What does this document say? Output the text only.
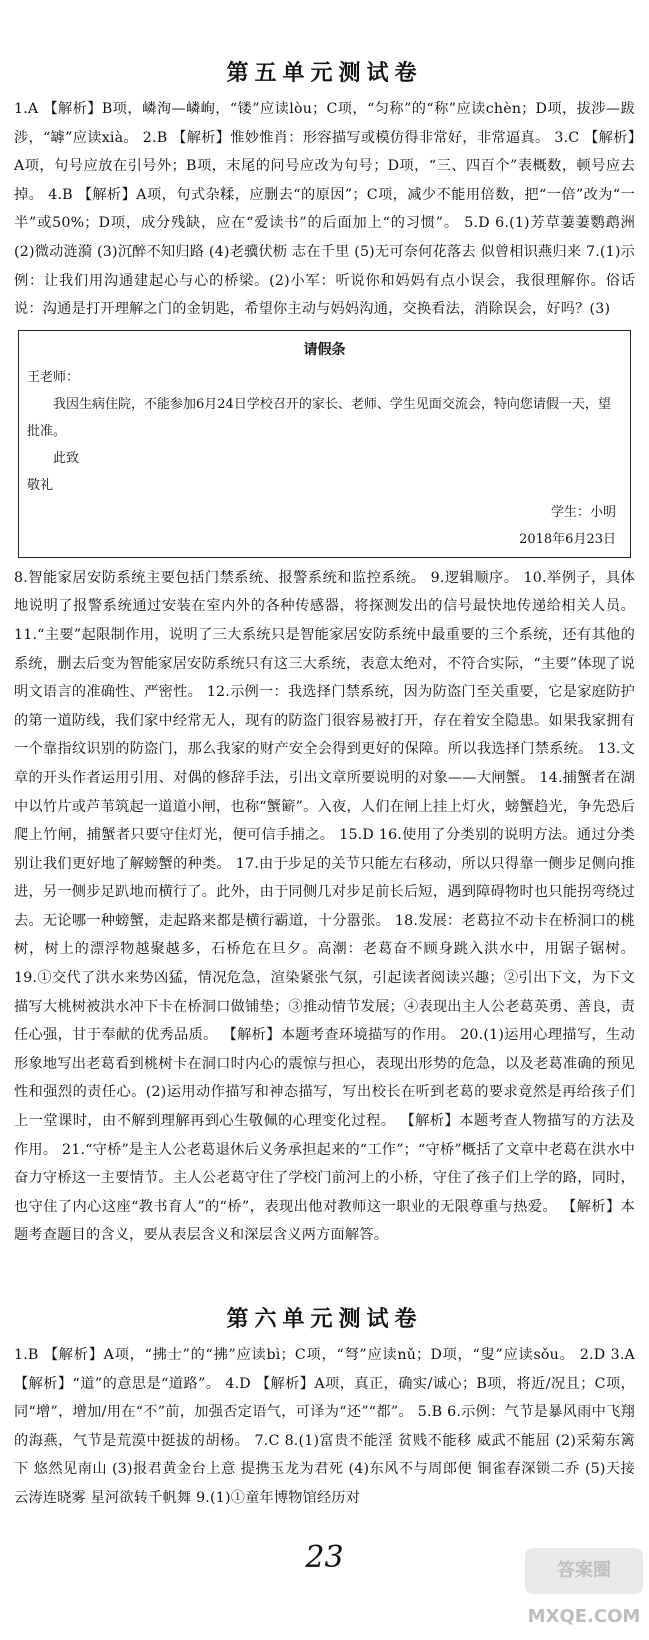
第五单元测试卷

1.A 【解析】B项，嶙洵—嶙峋，“镂”应读lòu；C项，“匀称”的“称”应读chèn；D项，拔涉—跋涉，“罅”应读xià。 2.B 【解析】惟妙惟肖：形容描写或模仿得非常好，非常逼真。 3.C 【解析】A项，句号应放在引号外；B项，末尾的问号应改为句号；D项，“三、四百个”表概数，顿号应去掉。 4.B 【解析】A项，句式杂糅，应删去“的原因”；C项，减少不能用倍数，把“一倍”改为“一半”或50%；D项，成分残缺，应在“爱读书”的后面加上“的习惯”。 5.D 6.(1)芳草萋萋鹦鹉洲 (2)微动涟漪 (3)沉醉不知归路 (4)老骥伏枥 志在千里 (5)无可奈何花落去 似曾相识燕归来 7.(1)示例：让我们用沟通建起心与心的桥梁。(2)小军：听说你和妈妈有点小误会，我很理解你。俗话说：沟通是打开理解之门的金钥匙，希望你主动与妈妈沟通，交换看法，消除误会，好吗？(3)

请假条
王老师：
我因生病住院，不能参加6月24日学校召开的家长、老师、学生见面交流会，特向您请假一天，望批准。
此致
敬礼
学生：小明
2018年6月23日

8.智能家居安防系统主要包括门禁系统、报警系统和监控系统。 9.逻辑顺序。 10.举例子，具体地说明了报警系统通过安装在室内外的各种传感器，将探测发出的信号最快地传递给相关人员。 11.“主要”起限制作用，说明了三大系统只是智能家居安防系统中最重要的三个系统，还有其他的系统，删去后变为智能家居安防系统只有这三大系统，表意太绝对，不符合实际，“主要”体现了说明文语言的准确性、严密性。 12.示例一：我选择门禁系统，因为防盗门至关重要，它是家庭防护的第一道防线，我们家中经常无人，现有的防盗门很容易被打开，存在着安全隐患。如果我家拥有一个靠指纹识别的防盗门，那么我家的财产安全会得到更好的保障。所以我选择门禁系统。 13.文章的开头作者运用引用、对偶的修辞手法，引出文章所要说明的对象——大闸蟹。 14.捕蟹者在湖中以竹片或芦苇筑起一道道小闸，也称“蟹簖”。入夜，人们在闸上挂上灯火，螃蟹趋光，争先恐后爬上竹闸，捕蟹者只要守住灯光，便可信手捕之。 15.D 16.使用了分类别的说明方法。通过分类别让我们更好地了解螃蟹的种类。 17.由于步足的关节只能左右移动，所以只得靠一侧步足侧向推进，另一侧步足趴地而横行了。此外，由于同侧几对步足前长后短，遇到障碍物时也只能拐弯绕过去。无论哪一种螃蟹，走起路来都是横行霸道，十分嚣张。 18.发展：老葛拉不动卡在桥洞口的桃树，树上的漂浮物越聚越多，石桥危在旦夕。高潮：老葛奋不顾身跳入洪水中，用锯子锯树。 19.①交代了洪水来势凶猛，情况危急，渲染紧张气氛，引起读者阅读兴趣；②引出下文，为下文描写大桃树被洪水冲下卡在桥洞口做铺垫；③推动情节发展；④表现出主人公老葛英勇、善良，责任心强，甘于奉献的优秀品质。 【解析】本题考查环境描写的作用。 20.(1)运用心理描写，生动形象地写出老葛看到桃树卡在洞口时内心的震惊与担心，表现出形势的危急，以及老葛准确的预见性和强烈的责任心。(2)运用动作描写和神态描写，写出校长在听到老葛的要求竟然是再给孩子们上一堂课时，由不解到理解再到心生敬佩的心理变化过程。 【解析】本题考查人物描写的方法及作用。 21.“守桥”是主人公老葛退休后义务承担起来的“工作”；“守桥”概括了文章中老葛在洪水中奋力守桥这一主要情节。主人公老葛守住了学校门前河上的小桥，守住了孩子们上学的路，同时，也守住了内心这座“教书育人”的“桥”，表现出他对教师这一职业的无限尊重与热爱。 【解析】本题考查题目的含义，要从表层含义和深层含义两方面解答。

第六单元测试卷

1.B 【解析】A项，“拂士”的“拂”应读bì；C项，“弩”应读nǔ；D项，“叟”应读sǒu。 2.D 3.A 【解析】“道”的意思是“道路”。 4.D 【解析】A项，真正，确实/诚心；B项，将近/况且；C项，同“增”，增加/用在“不”前，加强否定语气，可译为“还”“都”。 5.B 6.示例：气节是暴风雨中飞翔的海燕，气节是荒漠中挺拔的胡杨。 7.C 8.(1)富贵不能淫 贫贱不能移 威武不能屈 (2)采菊东篱下 悠然见南山 (3)报君黄金台上意 提携玉龙为君死 (4)东风不与周郎便 铜雀春深锁二乔 (5)天接云涛连晓雾 星河欲转千帆舞 9.(1)①童年博物馆经历对

23	答案圈 MXQE.COM
